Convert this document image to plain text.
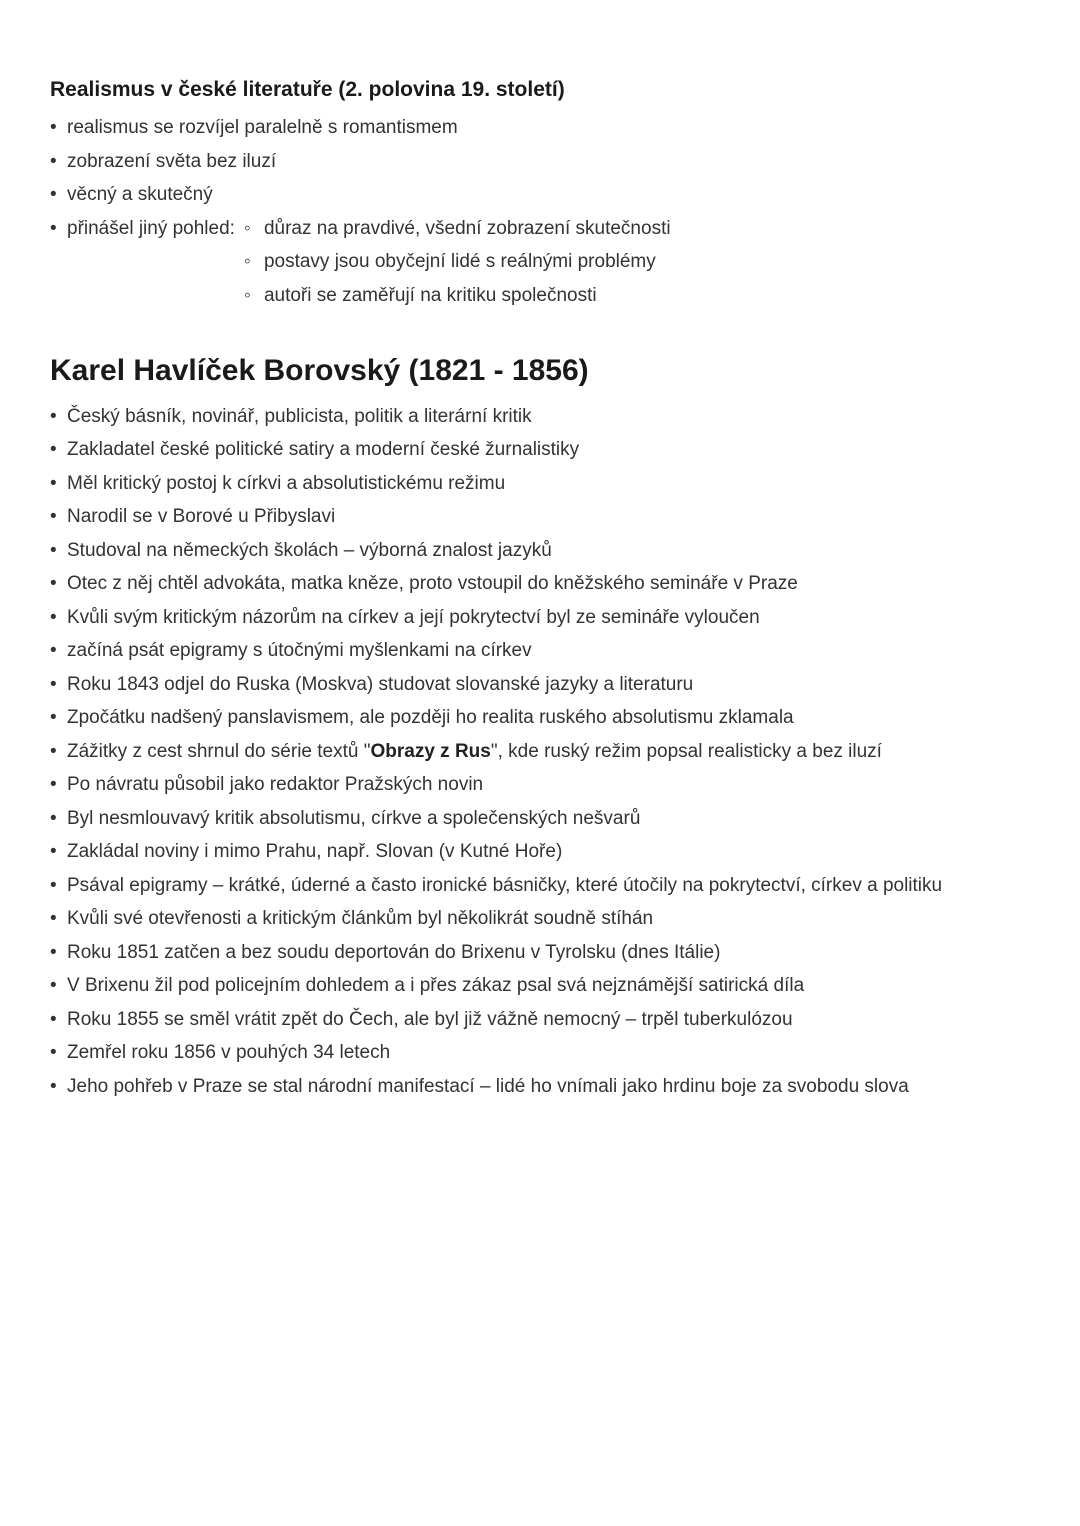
Realismus v české literatuře (2. polovina 19. století)
• realismus se rozvíjel paralelně s romantismem
• zobrazení světa bez iluzí
• věcný a skutečný
• přinášel jiný pohled: ◦ důraz na pravdivé, všední zobrazení skutečnosti
◦ postavy jsou obyčejní lidé s reálnými problémy
◦ autoři se zaměřují na kritiku společnosti
Karel Havlíček Borovský (1821 - 1856)
• Český básník, novinář, publicista, politik a literární kritik
• Zakladatel české politické satiry a moderní české žurnalistiky
• Měl kritický postoj k církvi a absolutistickému režimu
• Narodil se v Borové u Přibyslavi
• Studoval na německých školách – výborná znalost jazyků
• Otec z něj chtěl advokáta, matka kněze, proto vstoupil do kněžského semináře v Praze
• Kvůli svým kritickým názorům na církev a její pokrytectví byl ze semináře vyloučen
• začíná psát epigramy s útočnými myšlenkami na církev
• Roku 1843 odjel do Ruska (Moskva) studovat slovanské jazyky a literaturu
• Zpočátku nadšený panslavismem, ale později ho realita ruského absolutismu zklamala
• Zážitky z cest shrnul do série textů "Obrazy z Rus", kde ruský režim popsal realisticky a bez iluzí
• Po návratu působil jako redaktor Pražských novin
• Byl nesmlouvavý kritik absolutismu, církve a společenských nešvarů
• Zakládal noviny i mimo Prahu, např. Slovan (v Kutné Hoře)
• Psával epigramy – krátké, úderné a často ironické básničky, které útočily na pokrytectví, církev a politiku
• Kvůli své otevřenosti a kritickým článkům byl několikrát soudně stíhán
• Roku 1851 zatčen a bez soudu deportován do Brixenu v Tyrolsku (dnes Itálie)
• V Brixenu žil pod policejním dohledem a i přes zákaz psal svá nejznámější satirická díla
• Roku 1855 se směl vrátit zpět do Čech, ale byl již vážně nemocný – trpěl tuberkulózou
• Zemřel roku 1856 v pouhých 34 letech
• Jeho pohřeb v Praze se stal národní manifestací – lidé ho vnímali jako hrdinu boje za svobodu slova
